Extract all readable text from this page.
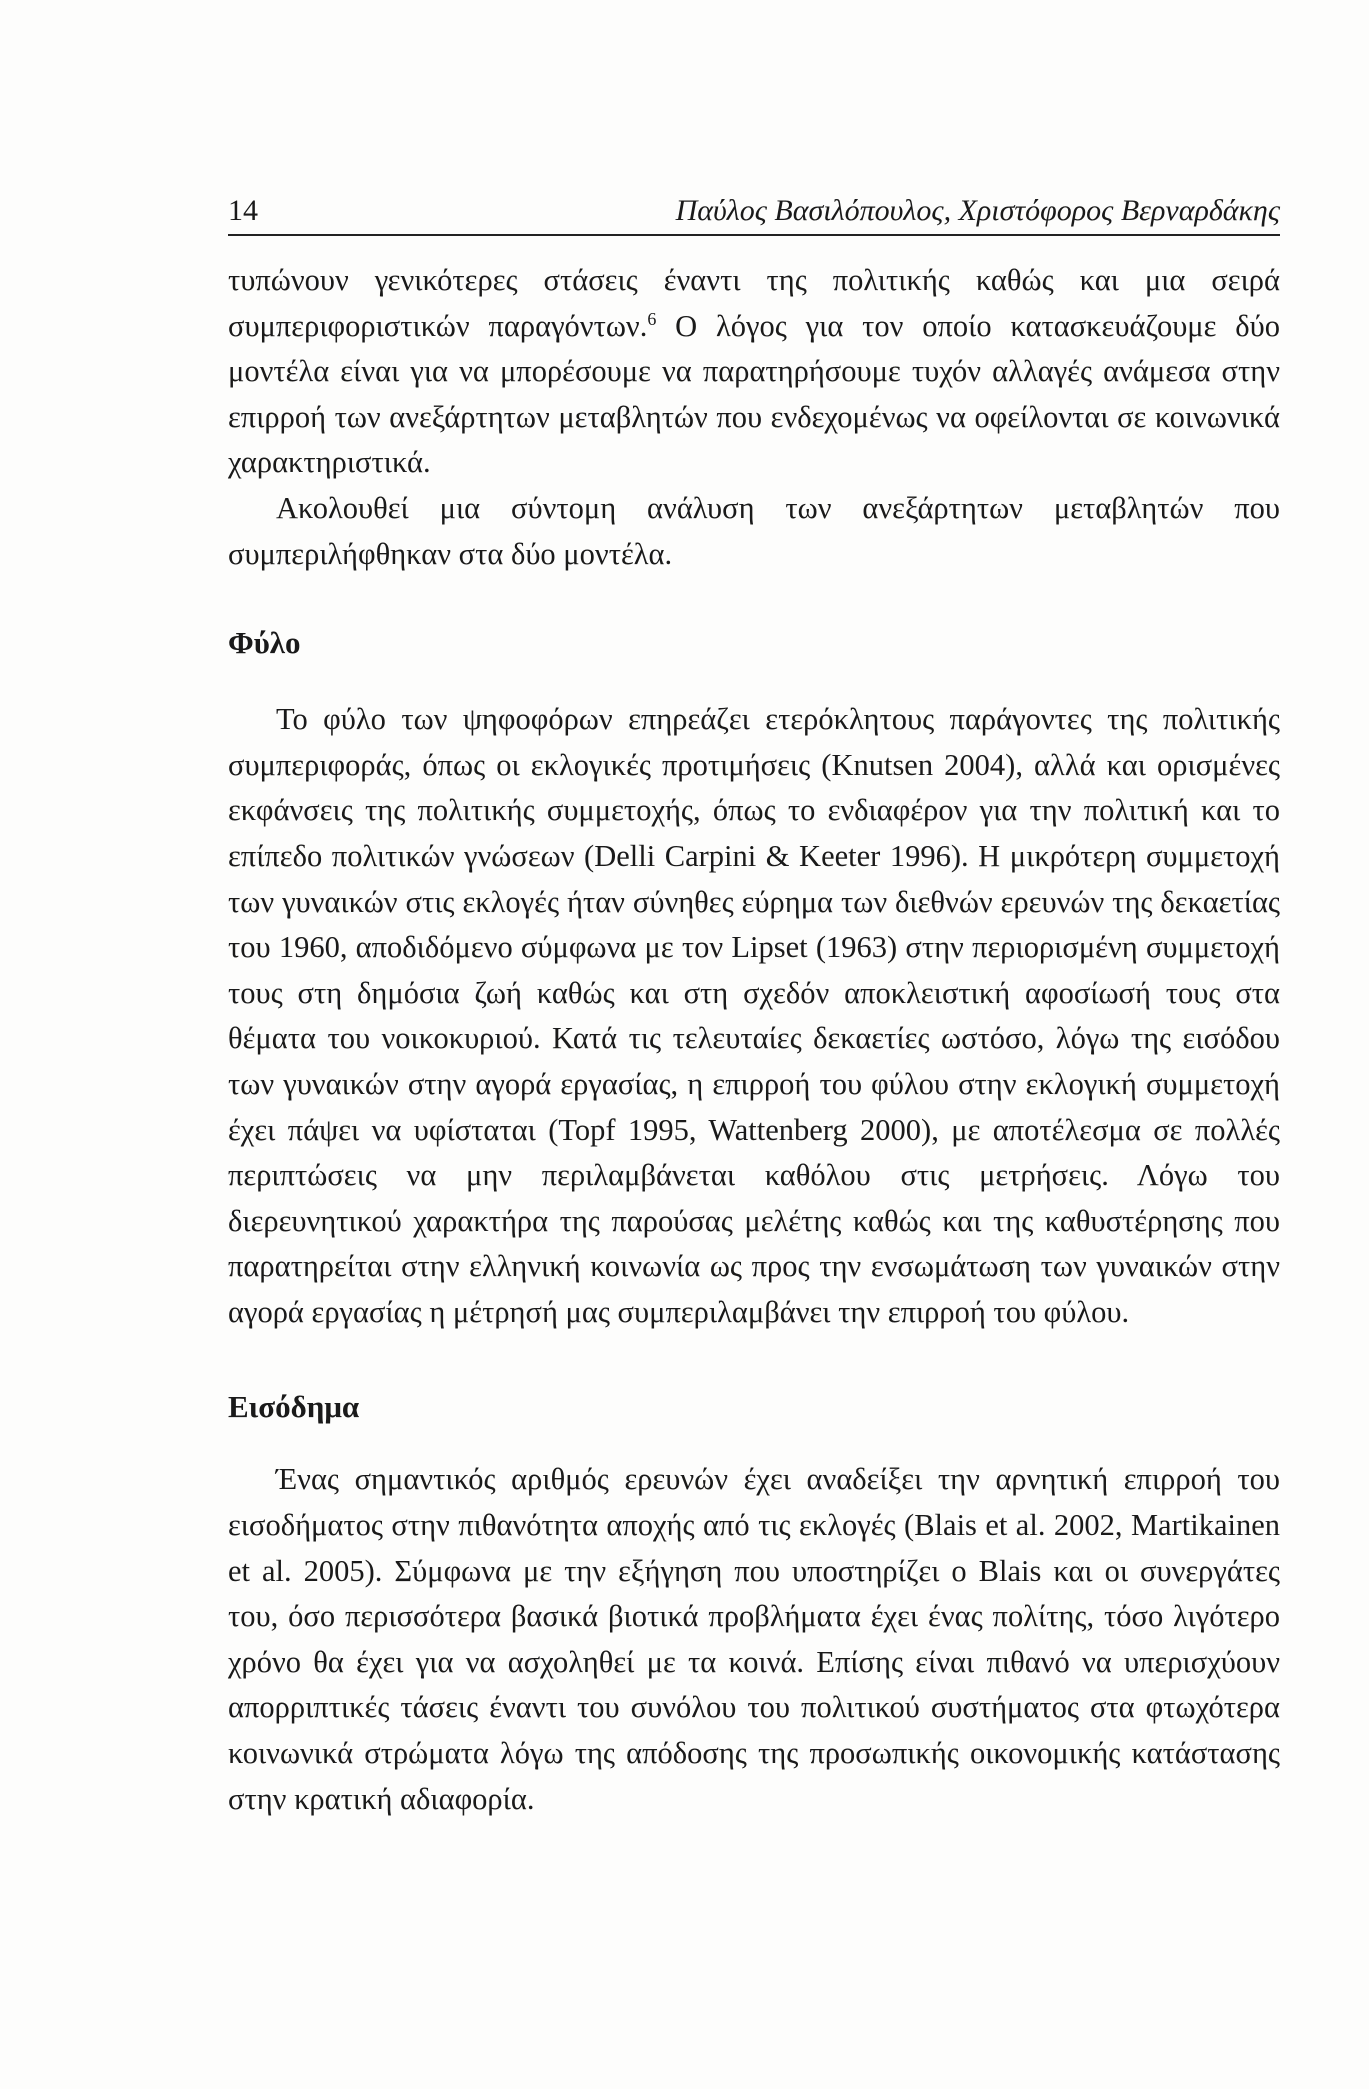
14	Παύλος Βασιλόπουλος, Χριστόφορος Βερναρδάκης

τυπώνουν γενικότερες στάσεις έναντι της πολιτικής καθώς και μια σειρά συμπεριφοριστικών παραγόντων.$^6$ Ο λόγος για τον οποίο κατασκευάζουμε δύο μοντέλα είναι για να μπορέσουμε να παρατηρήσουμε τυχόν αλλαγές ανάμεσα στην επιρροή των ανεξάρτητων μεταβλητών που ενδεχομένως να οφείλονται σε κοινωνικά χαρακτηριστικά.

Ακολουθεί μια σύντομη ανάλυση των ανεξάρτητων μεταβλητών που συμπεριλήφθηκαν στα δύο μοντέλα.

Φύλο

Το φύλο των ψηφοφόρων επηρεάζει ετερόκλητους παράγοντες της πολιτικής συμπεριφοράς, όπως οι εκλογικές προτιμήσεις (Knutsen 2004), αλλά και ορισμένες εκφάνσεις της πολιτικής συμμετοχής, όπως το ενδιαφέρον για την πολιτική και το επίπεδο πολιτικών γνώσεων (Delli Carpini & Keeter 1996). Η μικρότερη συμμετοχή των γυναικών στις εκλογές ήταν σύνηθες εύρημα των διεθνών ερευνών της δεκαετίας του 1960, αποδιδόμενο σύμφωνα με τον Lipset (1963) στην περιορισμένη συμμετοχή τους στη δημόσια ζωή καθώς και στη σχεδόν αποκλειστική αφοσίωσή τους στα θέματα του νοικοκυριού. Κατά τις τελευταίες δεκαετίες ωστόσο, λόγω της εισόδου των γυναικών στην αγορά εργασίας, η επιρροή του φύλου στην εκλογική συμμετοχή έχει πάψει να υφίσταται (Topf 1995, Wattenberg 2000), με αποτέλεσμα σε πολλές περιπτώσεις να μην περιλαμβάνεται καθόλου στις μετρήσεις. Λόγω του διερευνητικού χαρακτήρα της παρούσας μελέτης καθώς και της καθυστέρησης που παρατηρείται στην ελληνική κοινωνία ως προς την ενσωμάτωση των γυναικών στην αγορά εργασίας η μέτρησή μας συμπεριλαμβάνει την επιρροή του φύλου.

Εισόδημα

Ένας σημαντικός αριθμός ερευνών έχει αναδείξει την αρνητική επιρροή του εισοδήματος στην πιθανότητα αποχής από τις εκλογές (Blais et al. 2002, Martikainen et al. 2005). Σύμφωνα με την εξήγηση που υποστηρίζει ο Blais και οι συνεργάτες του, όσο περισσότερα βασικά βιοτικά προβλήματα έχει ένας πολίτης, τόσο λιγότερο χρόνο θα έχει για να ασχοληθεί με τα κοινά. Επίσης είναι πιθανό να υπερισχύουν απορριπτικές τάσεις έναντι του συνόλου του πολιτικού συστήματος στα φτωχότερα κοινωνικά στρώματα λόγω της απόδοσης της προσωπικής οικονομικής κατάστασης στην κρατική αδιαφορία.
